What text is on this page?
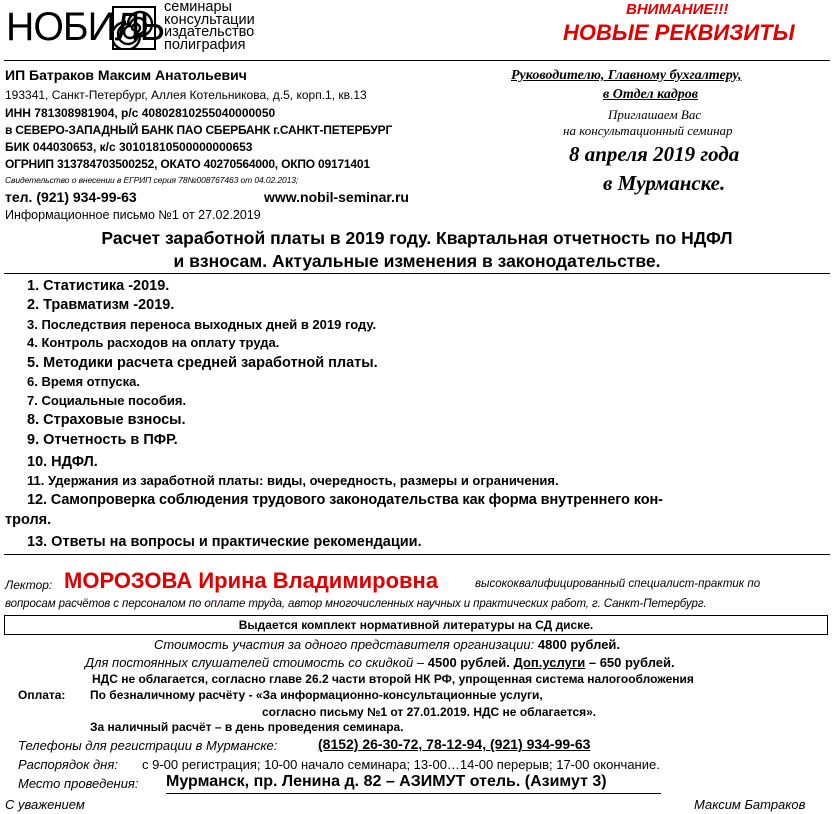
НОБИЛЬ семинары
консультации
издательство
полиграфия
ВНИМАНИЕ!!!
НОВЫЕ РЕКВИЗИТЫ
ИП Батраков Максим Анатольевич
193341, Санкт-Петербург, Аллея Котельникова, д.5, корп.1, кв.13
ИНН 781308981904, р/с 40802810255040000050
в СЕВЕРО-ЗАПАДНЫЙ БАНК ПАО СБЕРБАНК г.САНКТ-ПЕТЕРБУРГ
БИК 044030653, к/с 30101810500000000653
ОГРНИП 313784703500252, ОКАТО 40270564000, ОКПО 09171401
Свидетельство о внесении в ЕГРИП серия 78№008767463 от 04.02.2013;
тел. (921) 934-99-63	www.nobil-seminar.ru
Информационное письмо №1 от 27.02.2019
Руководителю, Главному бухгалтеру,
в Отдел кадров
Приглашаем Вас
на консультационный семинар
8 апреля 2019 года
в Мурманске.
Расчет заработной платы в 2019 году. Квартальная отчетность по НДФЛ
и взносам. Актуальные изменения в законодательстве.
1. Статистика -2019.
2. Травматизм -2019.
3. Последствия переноса выходных дней в 2019 году.
4. Контроль расходов на оплату труда.
5. Методики расчета средней заработной платы.
6. Время отпуска.
7. Социальные пособия.
8. Страховые взносы.
9. Отчетность в ПФР.
10. НДФЛ.
11. Удержания из заработной платы: виды, очередность, размеры и ограничения.
12. Самопроверка соблюдения трудового законодательства как форма внутреннего кон-
троля.
13. Ответы на вопросы и практические рекомендации.
Лектор: МОРОЗОВА Ирина Владимировна	высококвалифицированный специалист-практик по
вопросам расчётов с персоналом по оплате труда, автор многочисленных научных и практических работ, г. Санкт-Петербург.
Выдается комплект нормативной литературы на СД диске.
Стоимость участия за одного представителя организации: 4800 рублей.
Для постоянных слушателей стоимость со скидкой – 4500 рублей. Доп.услуги – 650 рублей.
НДС не облагается, согласно главе 26.2 части второй НК РФ, упрощенная система налогообложения
Оплата: По безналичному расчёту - «За информационно-консультационные услуги,
согласно письму №1 от 27.01.2019. НДС не облагается».
За наличный расчёт – в день проведения семинара.
Телефоны для регистрации в Мурманске:	(8152) 26-30-72, 78-12-94, (921) 934-99-63
Распорядок дня: с 9-00 регистрация; 10-00 начало семинара; 13-00…14-00 перерыв; 17-00 окончание.
Место проведения: Мурманск, пр. Ленина д. 82 – АЗИМУТ отель. (Азимут 3)
С уважением	Максим Батраков
